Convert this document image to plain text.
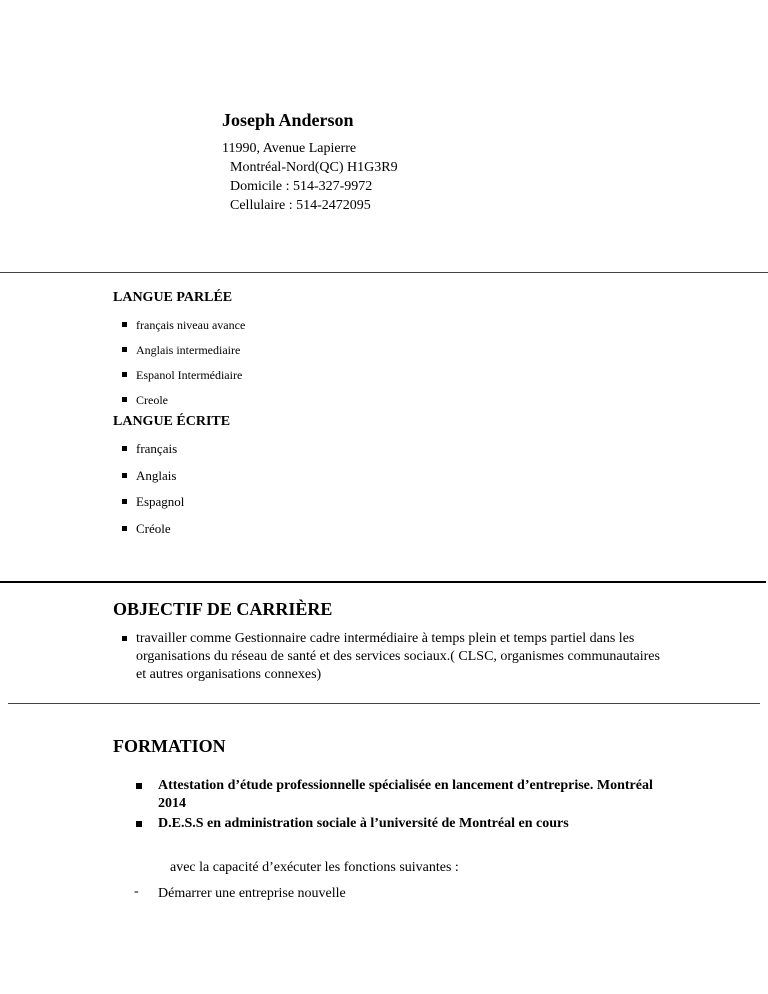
Joseph Anderson
11990, Avenue Lapierre
Montréal-Nord(QC) H1G3R9
Domicile : 514-327-9972
Cellulaire : 514-2472095
LANGUE PARLÉE
français niveau avance
Anglais intermediaire
Espanol Intermédiaire
Creole
LANGUE ÉCRITE
français
Anglais
Espagnol
Créole
OBJECTIF DE CARRIÈRE
travailler comme Gestionnaire cadre intermédiaire à temps plein et temps partiel dans les organisations du réseau de santé et des services sociaux.( CLSC, organismes communautaires et autres organisations connexes)
FORMATION
Attestation d’étude professionnelle spécialisée en lancement d’entreprise. Montréal 2014
D.E.S.S en administration sociale à l’université de Montréal en cours
avec la capacité d’exécuter les fonctions suivantes :
- Démarrer une entreprise nouvelle
